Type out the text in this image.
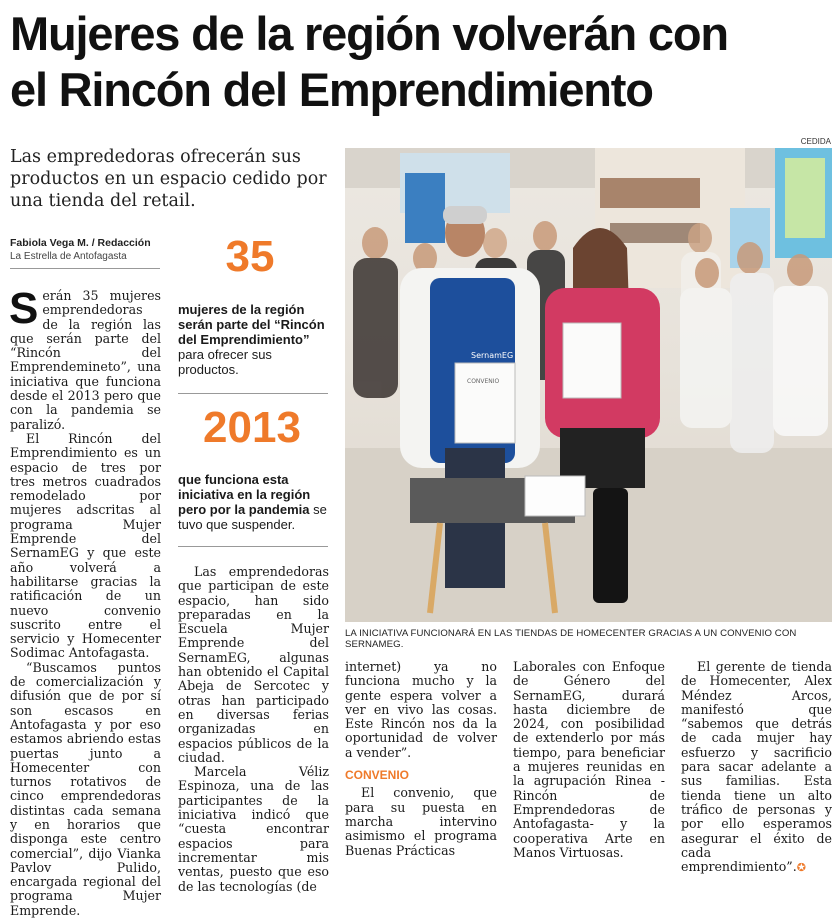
Mujeres de la región volverán con
el Rincón del Emprendimiento
CEDIDA
Las emprededoras ofrecerán sus productos en un espacio cedido por una tienda del retail.
Fabiola Vega M. / Redacción
La Estrella de Antofagasta

Serán 35 mujeres emprendedoras de la región las que serán parte del “Rincón del Emprendemineto”, una iniciativa que funciona desde el 2013 pero que con la pandemia se paralizó.

El Rincón del Emprendimiento es un espacio de tres por tres metros cuadrados remodelado por mujeres adscritas al programa Mujer Emprende del SernamEG y que este año volverá a habilitarse gracias la ratificación de un nuevo convenio suscrito entre el servicio y Homecenter Sodimac Antofagasta.

“Buscamos puntos de comercialización y difusión que de por sí son escasos en Antofagasta y por eso estamos abriendo estas puertas junto a Homecenter con turnos rotativos de cinco emprendedoras distintas cada semana y en horarios que disponga este centro comercial”, dijo Vianka Pavlov Pulido, encargada regional del programa Mujer Emprende.

35
mujeres de la región serán parte del “Rincón del Emprendimiento” para ofrecer sus productos.
2013
que funciona esta iniciativa en la región pero por la pandemia se tuvo que suspender.

Las emprendedoras que participan de este espacio, han sido preparadas en la Escuela Mujer Emprende del SernamEG, algunas han obtenido el Capital Abeja de Sercotec y otras han participado en diversas ferias organizadas en espacios públicos de la ciudad.

Marcela Véliz Espinoza, una de las participantes de la iniciativa indicó que “cuesta encontrar espacios para incrementar mis ventas, puesto que eso de las tecnologías (de

SernamEG
CONVENIO
LA INICIATIVA FUNCIONARÁ EN LAS TIENDAS DE HOMECENTER GRACIAS A UN CONVENIO CON SERNAMEG.

internet) ya no funciona mucho y la gente espera volver a ver en vivo las cosas. Este Rincón nos da la oportunidad de volver a vender”.

CONVENIO

El convenio, que para su puesta en marcha intervino asimismo el programa Buenas Prácticas

Laborales con Enfoque de Género del SernamEG, durará hasta diciembre de 2024, con posibilidad de extenderlo por más tiempo, para beneficiar a mujeres reunidas en la agrupación Rinea -Rincón de Emprendedoras de Antofagasta- y la cooperativa Arte en Manos Virtuosas.

El gerente de tienda de Homecenter, Alex Méndez Arcos, manifestó que “sabemos que detrás de cada mujer hay esfuerzo y sacrificio para sacar adelante a sus familias. Esta tienda tiene un alto tráfico de personas y por ello esperamos asegurar el éxito de cada emprendimiento”.✪
